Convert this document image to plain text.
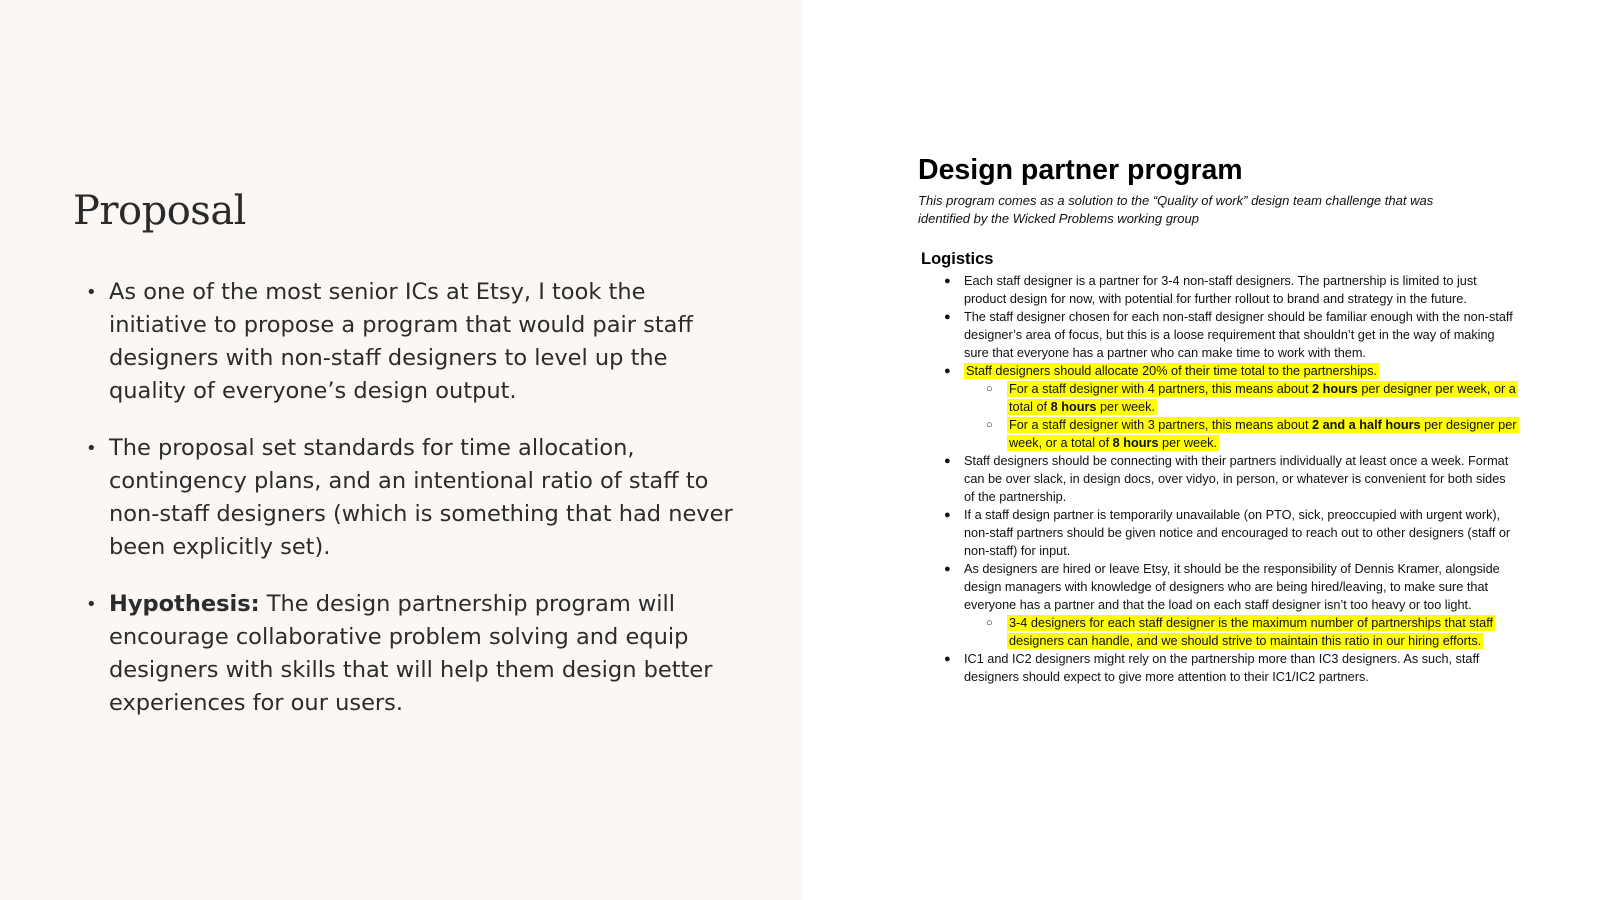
Proposal
• As one of the most senior ICs at Etsy, I took the initiative to propose a program that would pair staff designers with non-staff designers to level up the quality of everyone’s design output.
• The proposal set standards for time allocation, contingency plans, and an intentional ratio of staff to non-staff designers (which is something that had never been explicitly set).
• Hypothesis: The design partnership program will encourage collaborative problem solving and equip designers with skills that will help them design better experiences for our users.
Design partner program

This program comes as a solution to the “Quality of work” design team challenge that was identified by the Wicked Problems working group

Logistics
● Each staff designer is a partner for 3-4 non-staff designers. The partnership is limited to just product design for now, with potential for further rollout to brand and strategy in the future.
● The staff designer chosen for each non-staff designer should be familiar enough with the non-staff designer’s area of focus, but this is a loose requirement that shouldn’t get in the way of making sure that everyone has a partner who can make time to work with them.
● Staff designers should allocate 20% of their time total to the partnerships.
○ For a staff designer with 4 partners, this means about 2 hours per designer per week, or a total of 8 hours per week.
○ For a staff designer with 3 partners, this means about 2 and a half hours per designer per week, or a total of 8 hours per week.
● Staff designers should be connecting with their partners individually at least once a week. Format can be over slack, in design docs, over vidyo, in person, or whatever is convenient for both sides of the partnership.
● If a staff design partner is temporarily unavailable (on PTO, sick, preoccupied with urgent work), non-staff partners should be given notice and encouraged to reach out to other designers (staff or non-staff) for input.
● As designers are hired or leave Etsy, it should be the responsibility of Dennis Kramer, alongside design managers with knowledge of designers who are being hired/leaving, to make sure that everyone has a partner and that the load on each staff designer isn’t too heavy or too light.
○ 3-4 designers for each staff designer is the maximum number of partnerships that staff designers can handle, and we should strive to maintain this ratio in our hiring efforts.
● IC1 and IC2 designers might rely on the partnership more than IC3 designers. As such, staff designers should expect to give more attention to their IC1/IC2 partners.
